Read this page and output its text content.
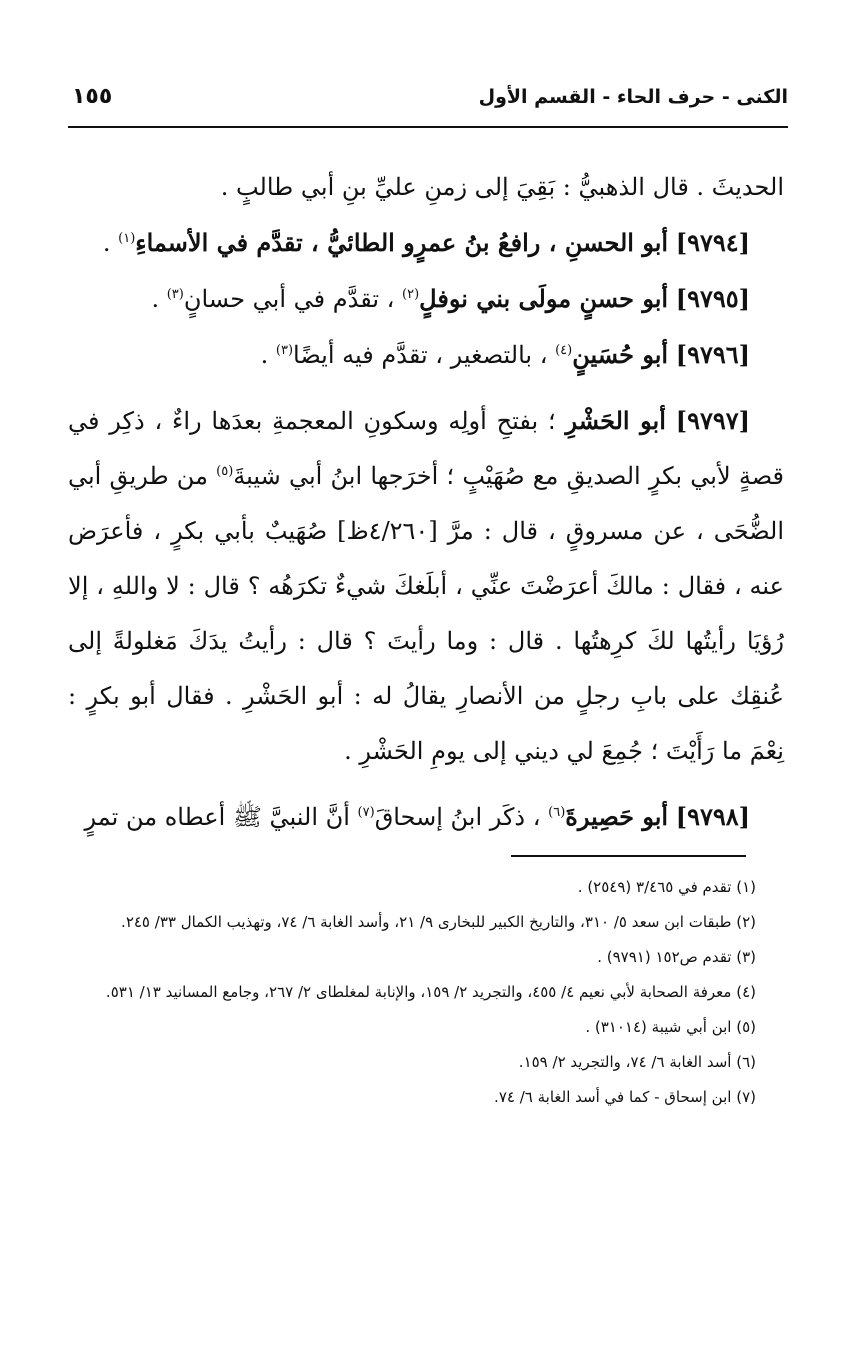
الكنى - حرف الحاء - القسم الأول
١٥٥

الحديثَ . قال الذهبيُّ : بَقِيَ إلى زمنِ عليِّ بنِ أبي طالبٍ .

[٩٧٩٤] أبو الحسنِ ، رافعُ بنُ عمرٍو الطائيُّ ، تقدَّم في الأسماءِ$^{(١)}$ .

[٩٧٩٥] أبو حسنٍ مولَى بني نوفلٍ$^{(٢)}$ ، تقدَّم في أبي حسانٍ$^{(٣)}$ .

[٩٧٩٦] أبو حُسَينٍ$^{(٤)}$ ، بالتصغير ، تقدَّم فيه أيضًا$^{(٣)}$ .

[٩٧٩٧] أبو الحَشْرِ ؛ بفتحِ أولِه وسكونِ المعجمةِ بعدَها راءٌ ، ذكِر في قصةٍ لأبي بكرٍ الصديقِ مع صُهَيْبٍ ؛ أخرَجها ابنُ أبي شيبةَ$^{(٥)}$ من طريقِ أبي الضُّحَى ، عن مسروقٍ ، قال : مرَّ [٤/٢٦٠ظ] صُهَيبٌ بأبي بكرٍ ، فأعرَض عنه ، فقال : مالكَ أعرَضْتَ عنِّي ، أبلَغكَ شيءٌ تكرَهُه ؟ قال : لا واللهِ ، إلا رُؤيَا رأيتُها لكَ كرِهتُها . قال : وما رأيتَ ؟ قال : رأيتُ يدَكَ مَغلولةً إلى عُنقِك على بابِ رجلٍ من الأنصارِ يقالُ له : أبو الحَشْرِ . فقال أبو بكرٍ : نِعْمَ ما رَأَيْتَ ؛ جُمِعَ لي ديني إلى يومِ الحَشْرِ .

[٩٧٩٨] أبو حَصِيرةَ$^{(٦)}$ ، ذكَر ابنُ إسحاقَ$^{(٧)}$ أنَّ النبيَّ ﷺ أعطاه من تمرٍ

(١) تقدم في ٣/٤٦٥ (٢٥٤٩) .

(٢) طبقات ابن سعد ٥/ ٣١٠، والتاريخ الكبير للبخارى ٩/ ٢١، وأسد الغابة ٦/ ٧٤، وتهذيب الكمال ٣٣/ ٢٤٥.

(٣) تقدم ص١٥٢ (٩٧٩١) .

(٤) معرفة الصحابة لأبي نعيم ٤/ ٤٥٥، والتجريد ٢/ ١٥٩، والإنابة لمغلطاى ٢/ ٢٦٧، وجامع المسانيد ١٣/ ٥٣١.

(٥) ابن أبي شيبة (٣١٠١٤) .

(٦) أسد الغابة ٦/ ٧٤، والتجريد ٢/ ١٥٩.

(٧) ابن إسحاق - كما في أسد الغابة ٦/ ٧٤.
